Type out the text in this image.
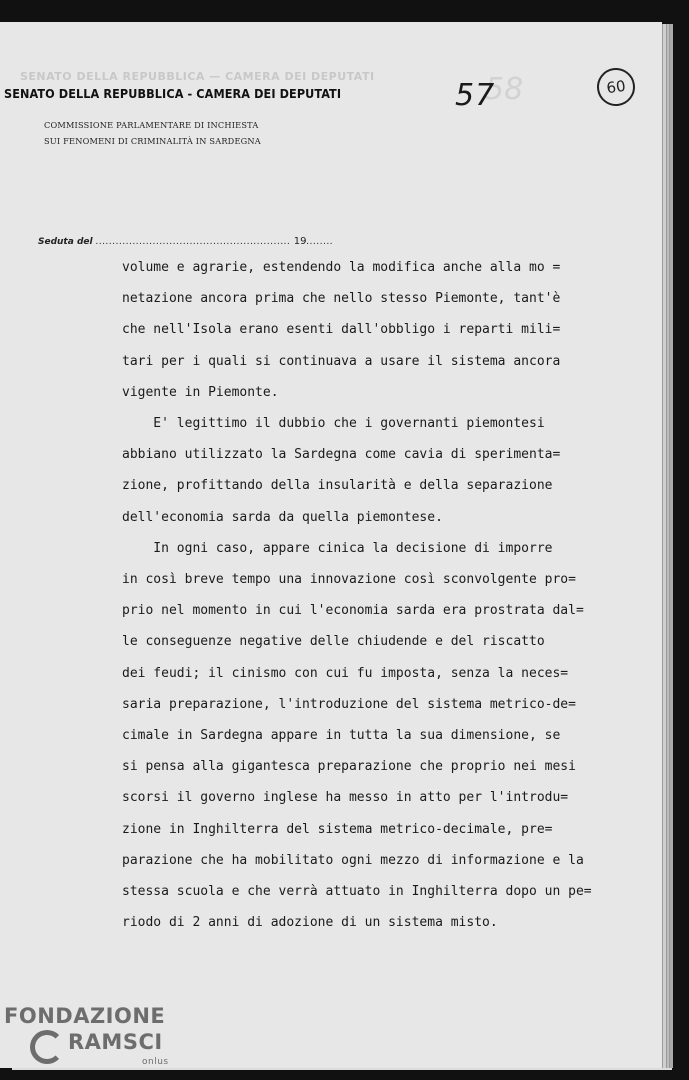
58
SENATO DELLA REPUBBLICA — CAMERA DEI DEPUTATI
SENATO DELLA REPUBBLICA - CAMERA DEI DEPUTATI
COMMISSIONE PARLAMENTARE DI INCHIESTA
SUI FENOMENI DI CRIMINALITÀ IN SARDEGNA
57	60
Seduta del .......................................................... 19........
volume e agrarie, estendendo la modifica anche alla mo =
netazione ancora prima che nello stesso Piemonte, tant'è
che nell'Isola erano esenti dall'obbligo i reparti mili=
tari per i quali si continuava a usare il sistema ancora
vigente in Piemonte.
E' legittimo il dubbio che i governanti piemontesi
abbiano utilizzato la Sardegna come cavia di sperimenta=
zione, profittando della insularità e della separazione
dell'economia sarda da quella piemontese.
In ogni caso, appare cinica la decisione di imporre
in così breve tempo una innovazione così sconvolgente pro=
prio nel momento in cui l'economia sarda era prostrata dal=
le conseguenze negative delle chiudende e del riscatto
dei feudi; il cinismo con cui fu imposta, senza la neces=
saria preparazione, l'introduzione del sistema metrico-de=
cimale in Sardegna appare in tutta la sua dimensione, se
si pensa alla gigantesca preparazione che proprio nei mesi
scorsi il governo inglese ha messo in atto per l'introdu=
zione in Inghilterra del sistema metrico-decimale, pre=
parazione che ha mobilitato ogni mezzo di informazione e la
stessa scuola e che verrà attuato in Inghilterra dopo un pe=
riodo di 2 anni di adozione di un sistema misto.
FONDAZIONE
RAMSCI
onlus
